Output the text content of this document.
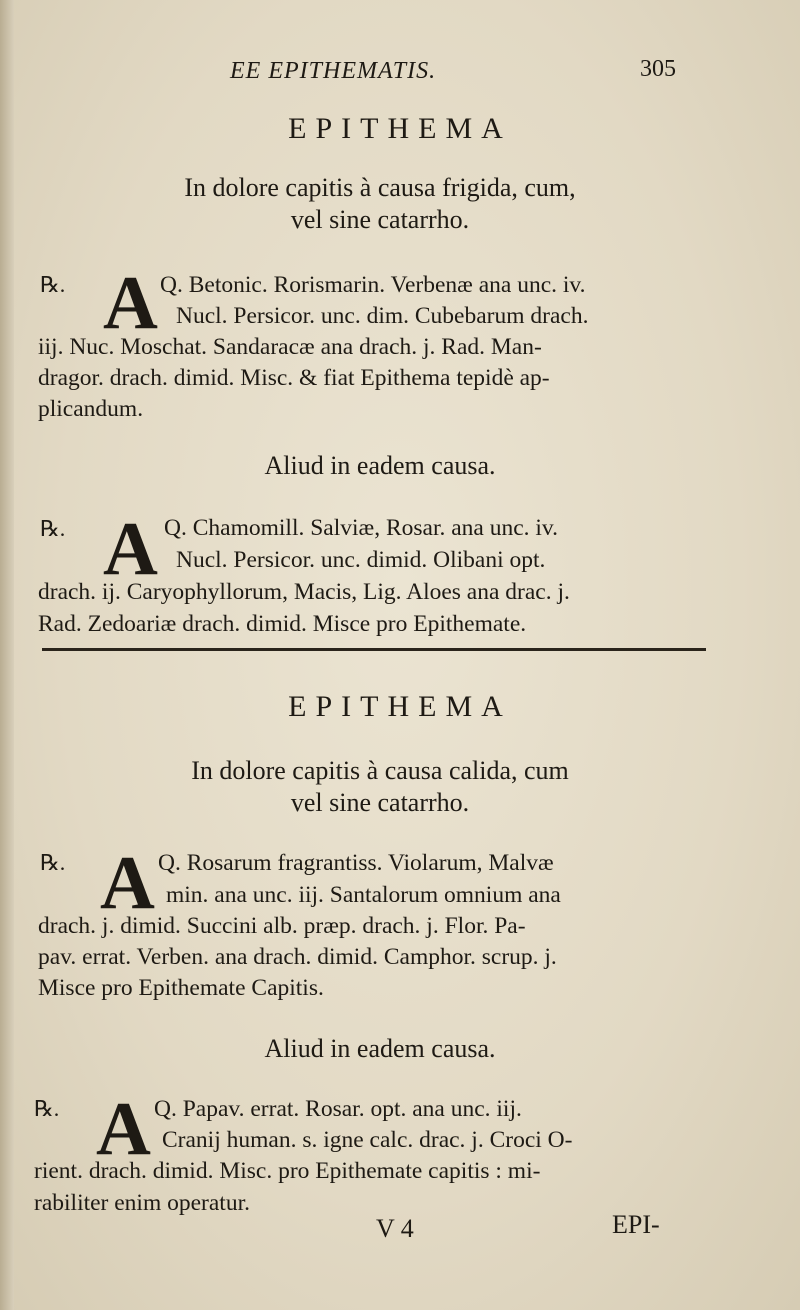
EE EPITHEMATIS.	305
EPITHEMA
In dolore capitis à causa frigida, cum,
vel sine catarrho.
℞. A Q. Betonic. Rorismarin. Verbenæ ana unc. iv.
Nucl. Persicor. unc. dim. Cubebarum drach.
iij. Nuc. Moschat. Sandaracæ ana drach. j. Rad. Man-
dragor. drach. dimid. Misc. & fiat Epithema tepidè ap-
plicandum.
Aliud in eadem causa.
℞. A Q. Chamomill. Salviæ, Rosar. ana unc. iv.
Nucl. Persicor. unc. dimid. Olibani opt.
drach. ij. Caryophyllorum, Macis, Lig. Aloes ana drac. j.
Rad. Zedoariæ drach. dimid. Misce pro Epithemate.
EPITHEMA
In dolore capitis à causa calida, cum
vel sine catarrho.
℞. A Q. Rosarum fragrantiss. Violarum, Malvæ
min. ana unc. iij. Santalorum omnium ana
drach. j. dimid. Succini alb. præp. drach. j. Flor. Pa-
pav. errat. Verben. ana drach. dimid. Camphor. scrup. j.
Misce pro Epithemate Capitis.
Aliud in eadem causa.
℞. A Q. Papav. errat. Rosar. opt. ana unc. iij.
Cranij human. s. igne calc. drac. j. Croci O-
rient. drach. dimid. Misc. pro Epithemate capitis : mi-
rabiliter enim operatur.
V 4	EPI-
